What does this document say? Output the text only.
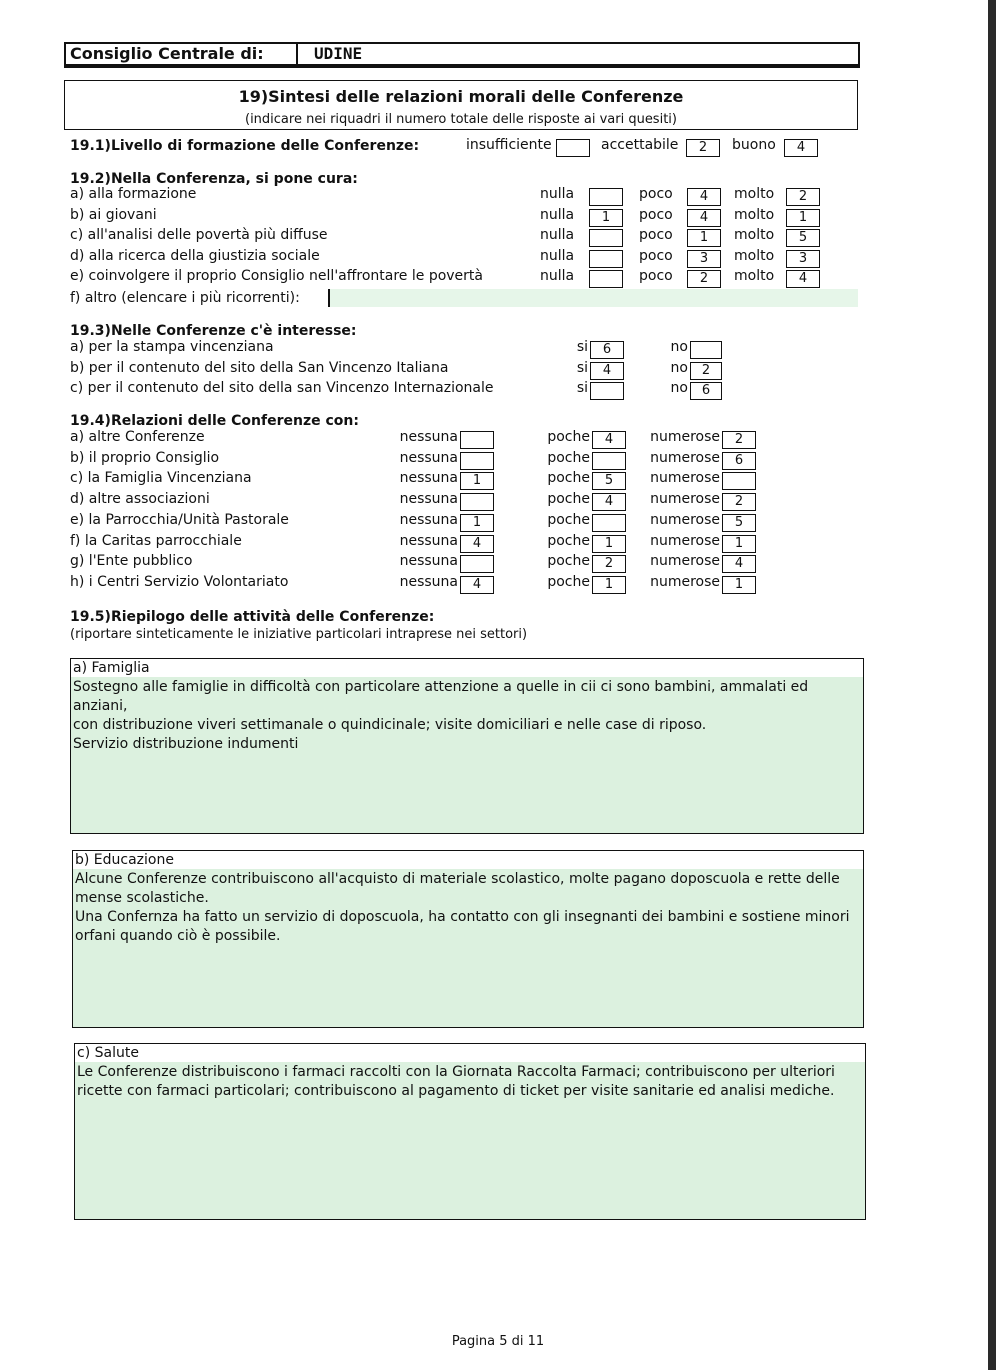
Consiglio Centrale di:	UDINE
19)Sintesi delle relazioni morali delle Conferenze
(indicare nei riquadri il numero totale delle risposte ai vari quesiti)
19.1)Livello di formazione delle Conferenze:	insufficiente	accettabile	2	buono	4
19.2)Nella Conferenza, si pone cura:
a) alla formazione	nulla	poco	4	molto	2
b) ai giovani	nulla	1	poco	4	molto	1
c) all'analisi delle povertà più diffuse	nulla	poco	1	molto	5
d) alla ricerca della giustizia sociale	nulla	poco	3	molto	3
e) coinvolgere il proprio Consiglio nell'affrontare le povertà	nulla	poco	2	molto	4
f) altro (elencare i più ricorrenti):
19.3)Nelle Conferenze c'è interesse:
a) per la stampa vincenziana	si	6	no
b) per il contenuto del sito della San Vincenzo Italiana	si	4	no	2
c) per il contenuto del sito della san Vincenzo Internazionale	si	no	6
19.4)Relazioni delle Conferenze con:
a) altre Conferenze	nessuna	poche	4	numerose	2
b) il proprio Consiglio	nessuna	poche	numerose	6
c) la Famiglia Vincenziana	nessuna	1	poche	5	numerose
d) altre associazioni	nessuna	poche	4	numerose	2
e) la Parrocchia/Unità Pastorale	nessuna	1	poche	numerose	5
f) la Caritas parrocchiale	nessuna	4	poche	1	numerose	1
g) l'Ente pubblico	nessuna	poche	2	numerose	4
h) i Centri Servizio Volontariato	nessuna	4	poche	1	numerose	1
19.5)Riepilogo delle attività delle Conferenze:
(riportare sinteticamente le iniziative particolari intraprese nei settori)
a) Famiglia
Sostegno alle famiglie in difficoltà con particolare attenzione a quelle in cii ci sono bambini, ammalati ed anziani,
con distribuzione viveri settimanale o quindicinale; visite domiciliari e nelle case di riposo.
Servizio distribuzione indumenti
b) Educazione
Alcune Conferenze contribuiscono all'acquisto di materiale scolastico, molte pagano doposcuola e rette delle
mense scolastiche.
Una Confernza ha fatto un servizio di doposcuola, ha contatto con gli insegnanti dei bambini e sostiene minori
orfani quando ciò è possibile.
c) Salute
Le Conferenze distribuiscono i farmaci raccolti con la Giornata Raccolta Farmaci; contribuiscono per ulteriori
ricette con farmaci particolari; contribuiscono al pagamento di ticket per visite sanitarie ed analisi mediche.
Pagina 5 di 11
